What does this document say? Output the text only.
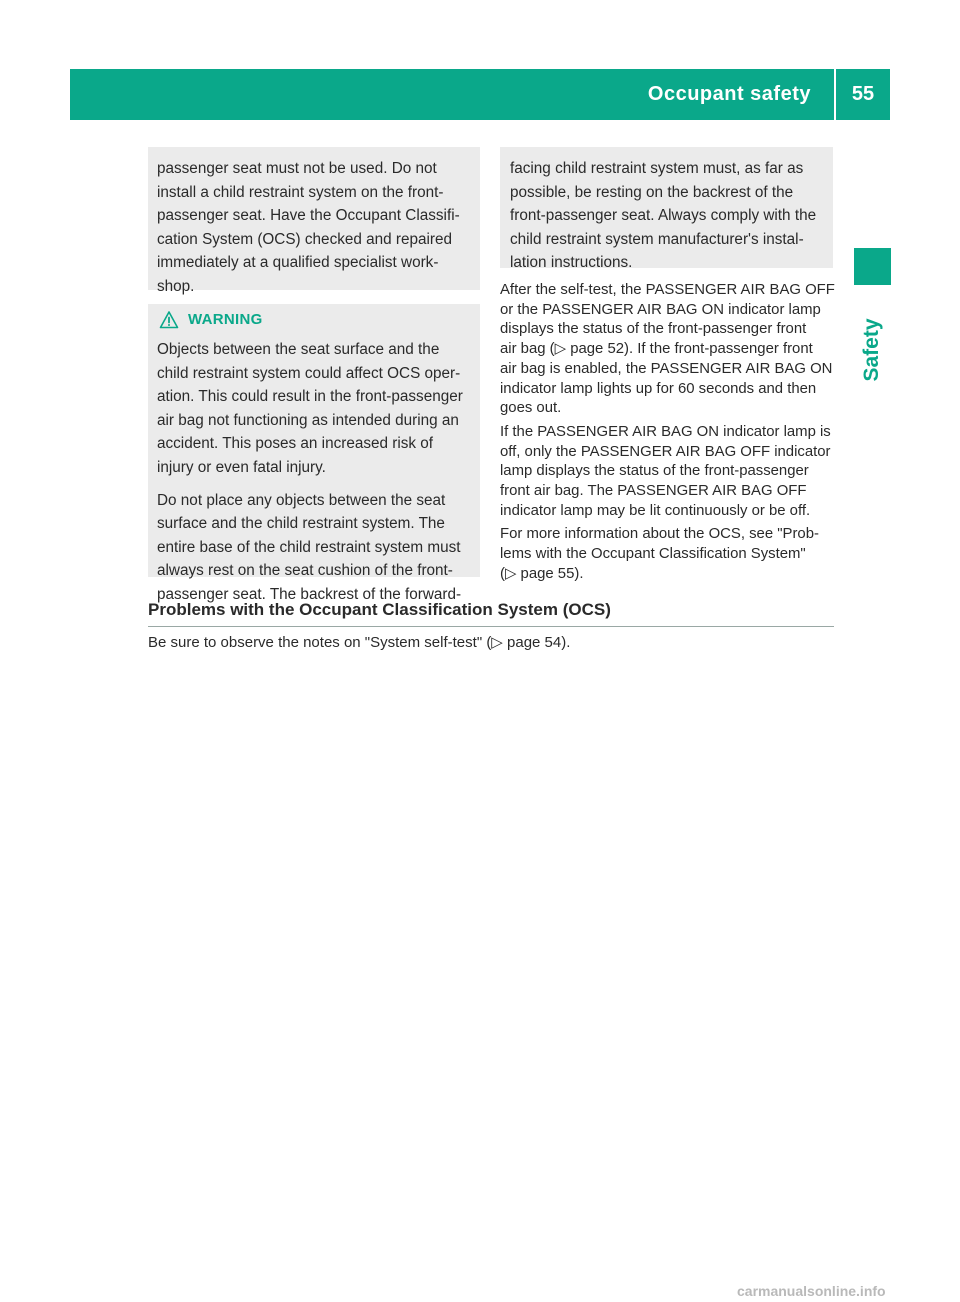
Occupant safety	55
Safety

passenger seat must not be used. Do not
install a child restraint system on the front-
passenger seat. Have the Occupant Classifi-
cation System (OCS) checked and repaired
immediately at a qualified specialist work-
shop.

WARNING

Objects between the seat surface and the
child restraint system could affect OCS oper-
ation. This could result in the front-passenger
air bag not functioning as intended during an
accident. This poses an increased risk of
injury or even fatal injury.

Do not place any objects between the seat
surface and the child restraint system. The
entire base of the child restraint system must
always rest on the seat cushion of the front-
passenger seat. The backrest of the forward-

facing child restraint system must, as far as
possible, be resting on the backrest of the
front-passenger seat. Always comply with the
child restraint system manufacturer's instal-
lation instructions.

After the self-test, the PASSENGER AIR BAG OFF
or the PASSENGER AIR BAG ON indicator lamp
displays the status of the front-passenger front
air bag (▷ page 52). If the front-passenger front
air bag is enabled, the PASSENGER AIR BAG ON
indicator lamp lights up for 60 seconds and then
goes out.

If the PASSENGER AIR BAG ON indicator lamp is
off, only the PASSENGER AIR BAG OFF indicator
lamp displays the status of the front-passenger
front air bag. The PASSENGER AIR BAG OFF
indicator lamp may be lit continuously or be off.

For more information about the OCS, see "Prob-
lems with the Occupant Classification System"
(▷ page 55).

Problems with the Occupant Classification System (OCS)
Be sure to observe the notes on "System self-test" (▷ page 54).
carmanualsonline.info
